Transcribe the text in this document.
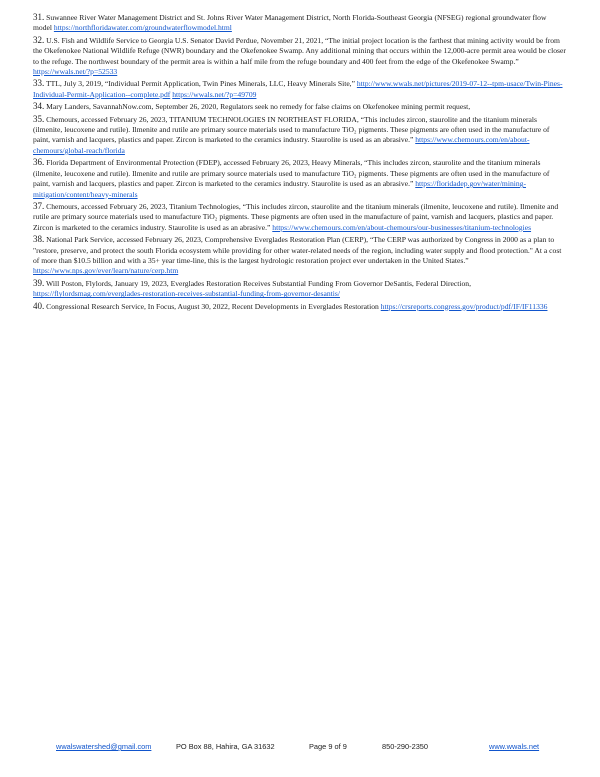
31. Suwannee River Water Management District and St. Johns River Water Management District, North Florida-Southeast Georgia (NFSEG) regional groundwater flow model https://northfloridawater.com/groundwaterflowmodel.html
32. U.S. Fish and Wildlife Service to Georgia U.S. Senator David Perdue, November 21, 2021, “The initial project location is the farthest that mining activity would be from the Okefenokee National Wildlife Refuge (NWR) boundary and the Okefenokee Swamp. Any additional mining that occurs within the 12,000-acre permit area would be closer to the refuge. The northwest boundary of the permit area is within a half mile from the refuge boundary and 400 feet from the edge of the Okefenokee Swamp.” https://wwals.net/?p=52533
33. TTL, July 3, 2019, “Individual Permit Application, Twin Pines Minerals, LLC, Heavy Minerals Site,” http://www.wwals.net/pictures/2019-07-12--tpm-usace/Twin-Pines-Individual-Permit-Application--complete.pdf https://wwals.net/?p=49709
34. Mary Landers, SavannahNow.com, September 26, 2020, Regulators seek no remedy for false claims on Okefenokee mining permit request,
35. Chemours, accessed February 26, 2023, TITANIUM TECHNOLOGIES IN NORTHEAST FLORIDA, “This includes zircon, staurolite and the titanium minerals (ilmenite, leucoxene and rutile). Ilmenite and rutile are primary source materials used to manufacture TiO₂ pigments. These pigments are often used in the manufacture of paint, varnish and lacquers, plastics and paper. Zircon is marketed to the ceramics industry. Staurolite is used as an abrasive.” https://www.chemours.com/en/about-chemours/global-reach/florida
36. Florida Department of Environmental Protection (FDEP), accessed February 26, 2023, Heavy Minerals, “This includes zircon, staurolite and the titanium minerals (ilmenite, leucoxene and rutile). Ilmenite and rutile are primary source materials used to manufacture TiO₂ pigments. These pigments are often used in the manufacture of paint, varnish and lacquers, plastics and paper. Zircon is marketed to the ceramics industry. Staurolite is used as an abrasive.” https://floridadep.gov/water/mining-mitigation/content/heavy-minerals
37. Chemours, accessed February 26, 2023, Titanium Technologies, “This includes zircon, staurolite and the titanium minerals (ilmenite, leucoxene and rutile). Ilmenite and rutile are primary source materials used to manufacture TiO₂ pigments. These pigments are often used in the manufacture of paint, varnish and lacquers, plastics and paper. Zircon is marketed to the ceramics industry. Staurolite is used as an abrasive.” https://www.chemours.com/en/about-chemours/our-businesses/titanium-technologies
38. National Park Service, accessed February 26, 2023, Comprehensive Everglades Restoration Plan (CERP), “The CERP was authorized by Congress in 2000 as a plan to "restore, preserve, and protect the south Florida ecosystem while providing for other water-related needs of the region, including water supply and flood protection." At a cost of more than $10.5 billion and with a 35+ year time-line, this is the largest hydrologic restoration project ever undertaken in the United States.” https://www.nps.gov/ever/learn/nature/cerp.htm
39. Will Poston, Flylords, January 19, 2023, Everglades Restoration Receives Substantial Funding From Governor DeSantis, Federal Direction, https://flylordsmag.com/everglades-restoration-receives-substantial-funding-from-governor-desantis/
40. Congressional Research Service, In Focus, August 30, 2022, Recent Developments in Everglades Restoration https://crsreports.congress.gov/product/pdf/IF/IF11336
wwalswatershed@gmail.com	PO Box 88, Hahira, GA 31632	Page 9 of 9	850-290-2350	www.wwals.net
